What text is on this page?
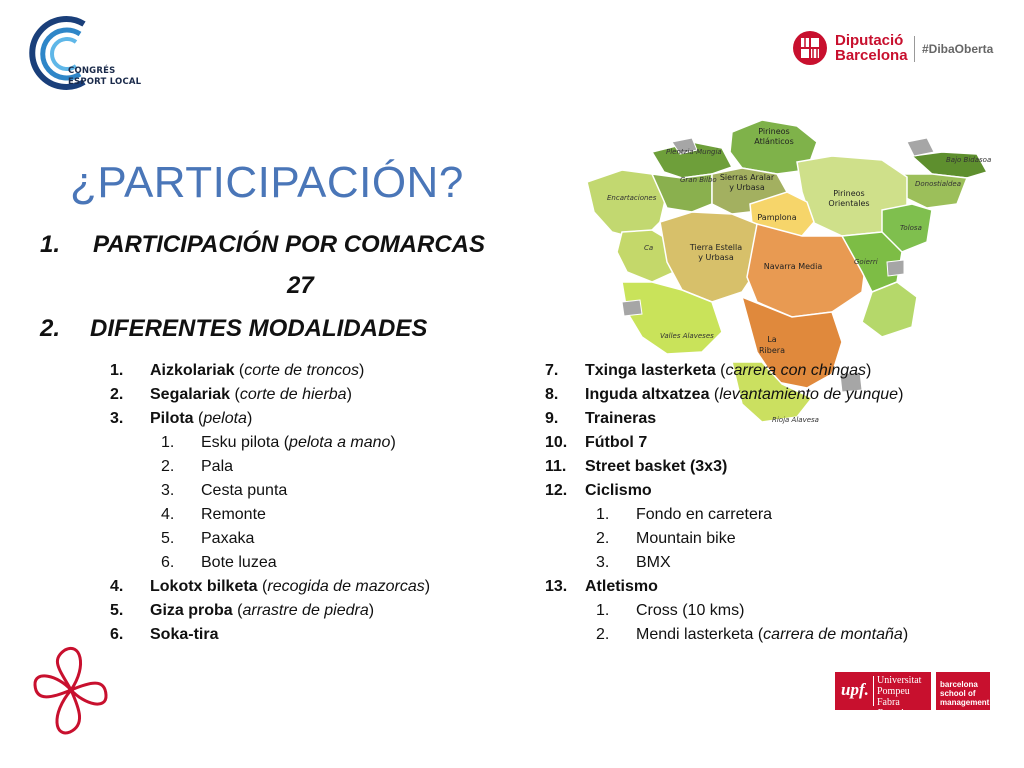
CONGRÉS
ESPORT LOCAL
Diputació
Barcelona #DibaOberta
¿PARTICIPACIÓN?
1. PARTICIPACIÓN POR COMARCAS
27
2. DIFERENTES MODALIDADES
Pirineos
Atlánticos
Plentzia-Mungia
Bajo Bidasoa
Gran Bilbo Sierras Aralar
y Urbasa
Encartaciones
Donostialdea
Pirineos
Orientales
Pamplona
Tolosa
Tierra Estella
y Urbasa
Navarra Media	Goierri
Ca
Valles Alaveses	La
Ribera
Rioja Alavesa
1. Aizkolariak (corte de troncos)
2. Segalariak (corte de hierba)
3. Pilota (pelota)
1. Esku pilota (pelota a mano)
2. Pala
3. Cesta punta
4. Remonte
5. Paxaka
6. Bote luzea
4. Lokotx bilketa (recogida de mazorcas)
5. Giza proba (arrastre de piedra)
6. Soka-tira
7. Txinga lasterketa (carrera con chingas)
8. Inguda altxatzea (levantamiento de yunque)
9. Traineras
10. Fútbol 7
11. Street basket (3x3)
12. Ciclismo
1. Fondo en carretera
2. Mountain bike
3. BMX
13. Atletismo
1. Cross (10 kms)
2. Mendi lasterketa (carrera de montaña)
upf. Universitat
Pompeu Fabra
Barcelona
barcelona
school of
management
